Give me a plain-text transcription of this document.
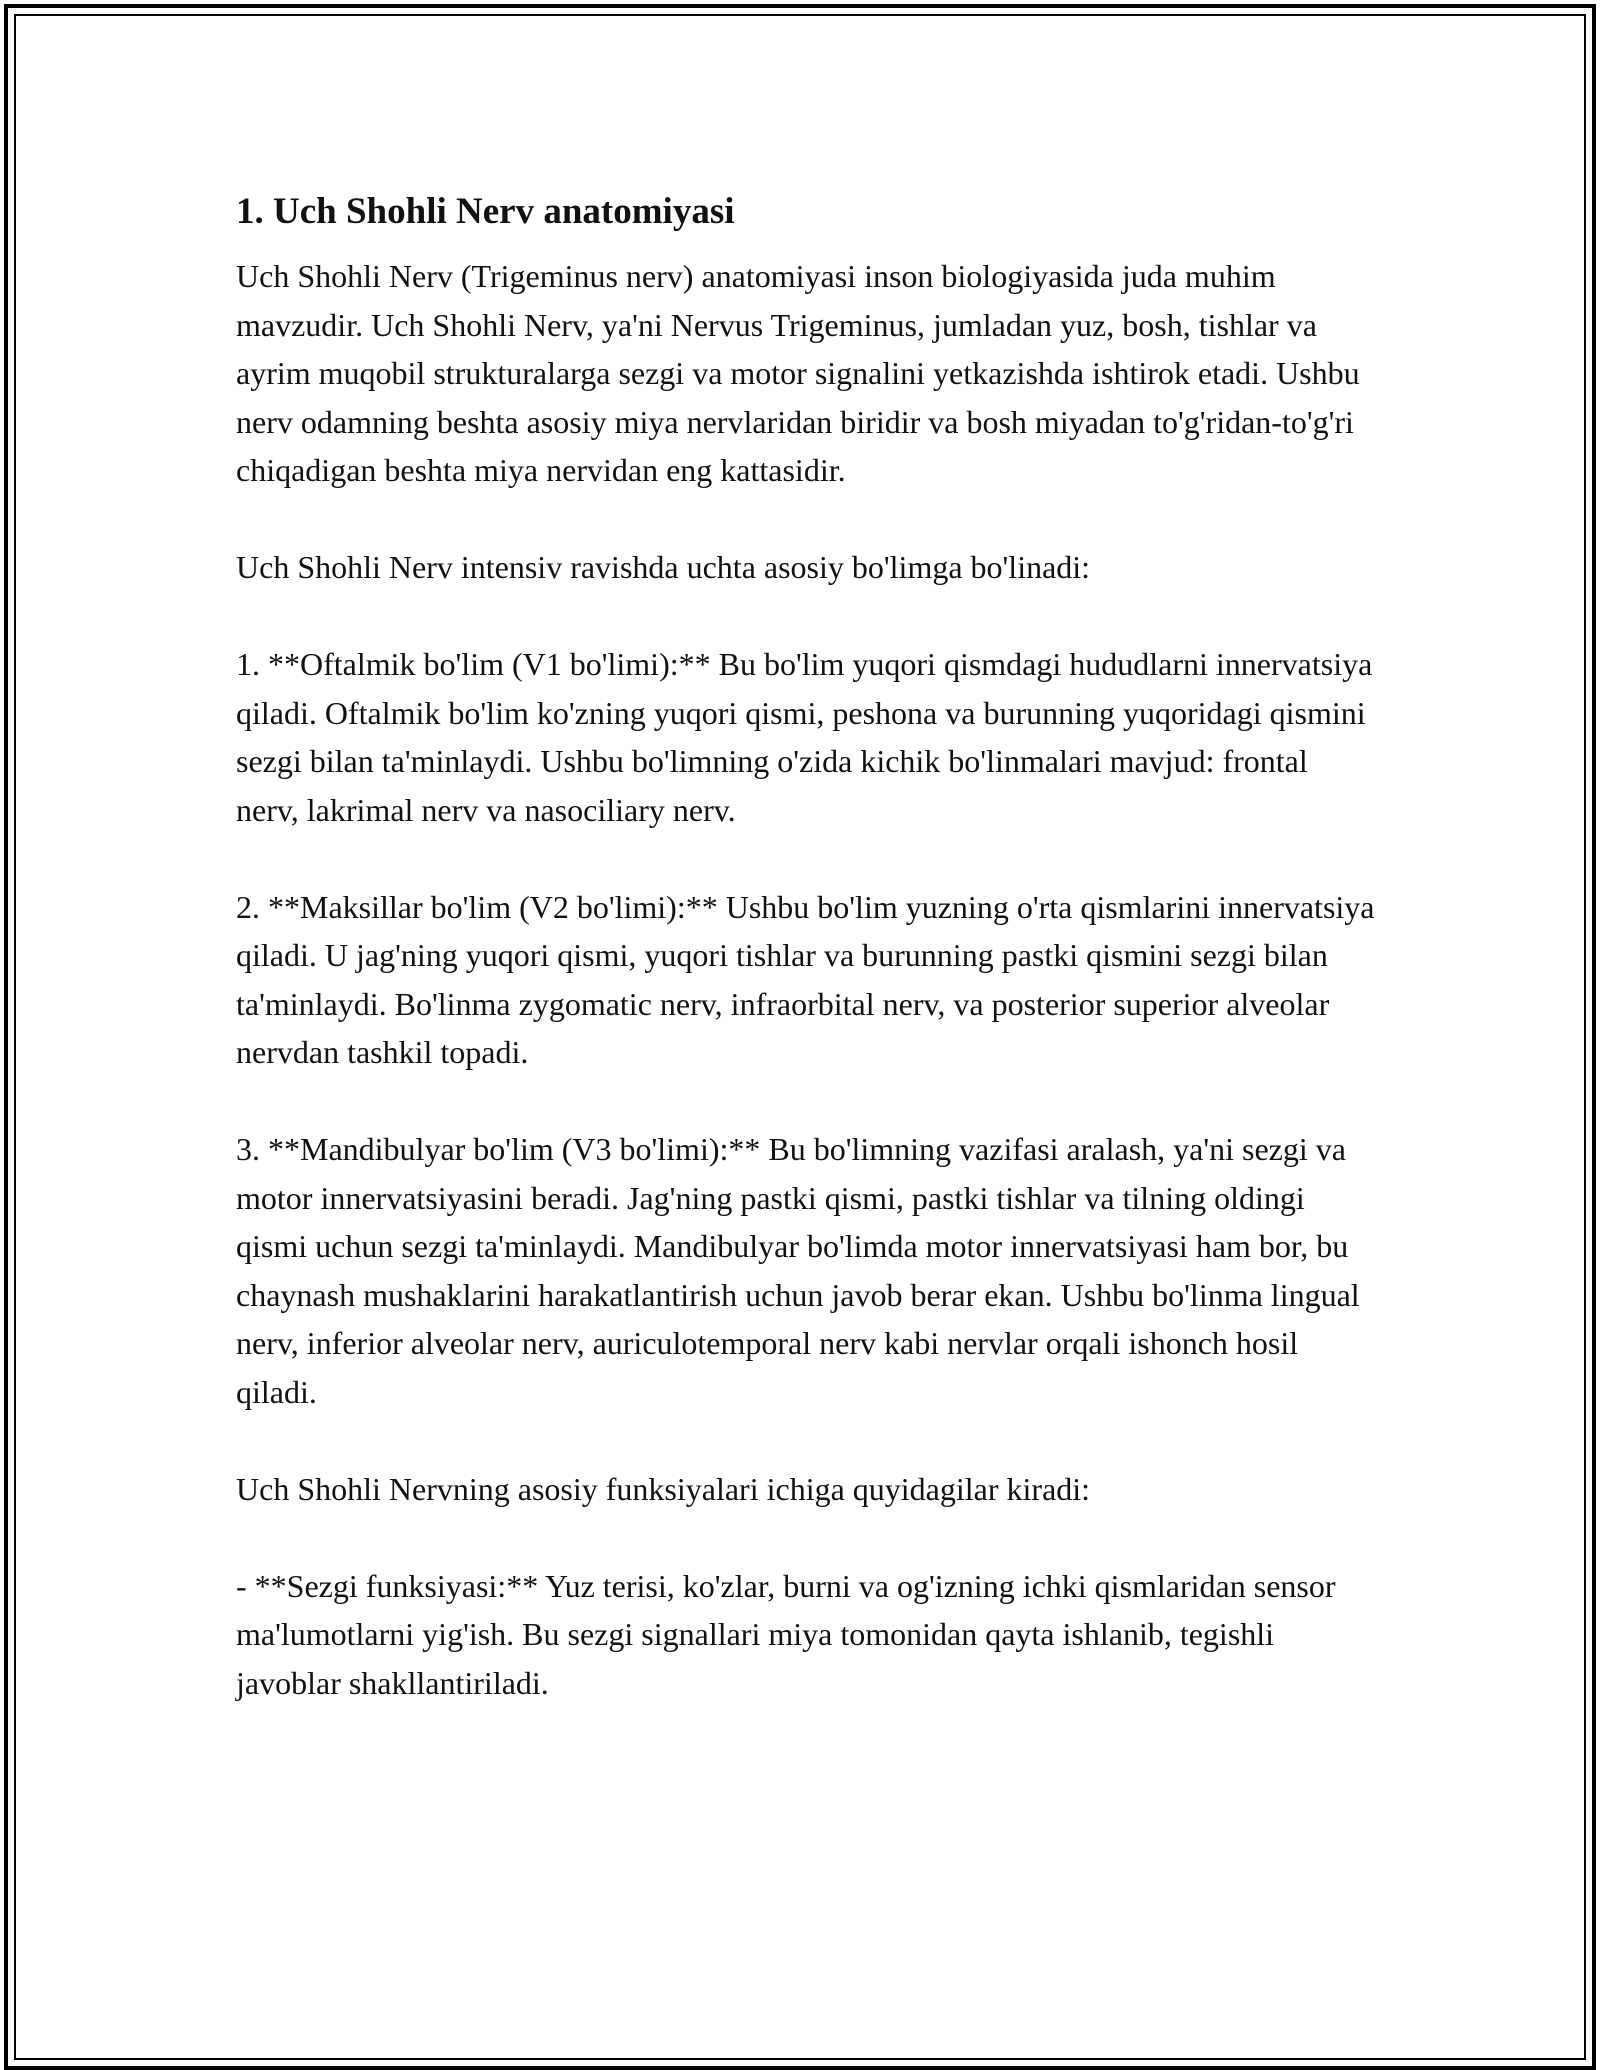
1. Uch Shohli Nerv anatomiyasi

Uch Shohli Nerv (Trigeminus nerv) anatomiyasi inson biologiyasida juda muhim mavzudir. Uch Shohli Nerv, ya'ni Nervus Trigeminus, jumladan yuz, bosh, tishlar va ayrim muqobil strukturalarga sezgi va motor signalini yetkazishda ishtirok etadi. Ushbu nerv odamning beshta asosiy miya nervlaridan biridir va bosh miyadan to'g'ridan-to'g'ri chiqadigan beshta miya nervidan eng kattasidir.

Uch Shohli Nerv intensiv ravishda uchta asosiy bo'limga bo'linadi:

1. **Oftalmik bo'lim (V1 bo'limi):** Bu bo'lim yuqori qismdagi hududlarni innervatsiya qiladi. Oftalmik bo'lim ko'zning yuqori qismi, peshona va burunning yuqoridagi qismini sezgi bilan ta'minlaydi. Ushbu bo'limning o'zida kichik bo'linmalari mavjud: frontal nerv, lakrimal nerv va nasociliary nerv.

2. **Maksillar bo'lim (V2 bo'limi):** Ushbu bo'lim yuzning o'rta qismlarini innervatsiya qiladi. U jag'ning yuqori qismi, yuqori tishlar va burunning pastki qismini sezgi bilan ta'minlaydi. Bo'linma zygomatic nerv, infraorbital nerv, va posterior superior alveolar nervdan tashkil topadi.

3. **Mandibulyar bo'lim (V3 bo'limi):** Bu bo'limning vazifasi aralash, ya'ni sezgi va motor innervatsiyasini beradi. Jag'ning pastki qismi, pastki tishlar va tilning oldingi qismi uchun sezgi ta'minlaydi. Mandibulyar bo'limda motor innervatsiyasi ham bor, bu chaynash mushaklarini harakatlantirish uchun javob berar ekan. Ushbu bo'linma lingual nerv, inferior alveolar nerv, auriculotemporal nerv kabi nervlar orqali ishonch hosil qiladi.

Uch Shohli Nervning asosiy funksiyalari ichiga quyidagilar kiradi:

- **Sezgi funksiyasi:** Yuz terisi, ko'zlar, burni va og'izning ichki qismlaridan sensor ma'lumotlarni yig'ish. Bu sezgi signallari miya tomonidan qayta ishlanib, tegishli javoblar shakllantiriladi.
